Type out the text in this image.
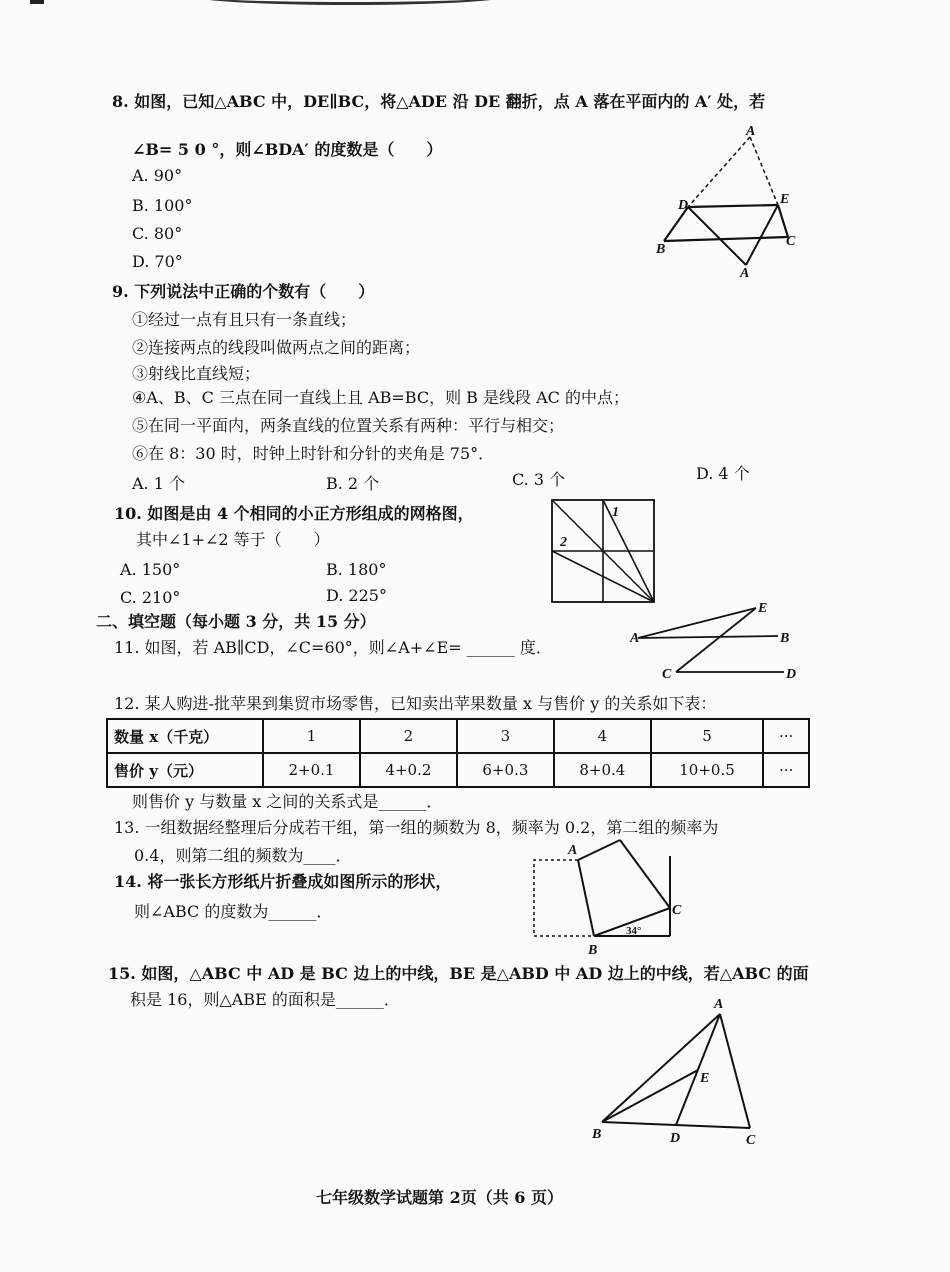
8. 如图，已知△ABC 中，DE∥BC，将△ADE 沿 DE 翻折，点 A 落在平面内的 A′ 处，若
∠B= 5 0 °，则∠BDA′ 的度数是（　　）
A. 90°
B. 100°
C. 80°
D. 70°
A
D	E
B
C
A
9. 下列说法中正确的个数有（　　）
①经过一点有且只有一条直线；
②连接两点的线段叫做两点之间的距离；
③射线比直线短；
④A、B、C 三点在同一直线上且 AB=BC，则 B 是线段 AC 的中点；
⑤在同一平面内，两条直线的位置关系有两种：平行与相交；
⑥在 8：30 时，时钟上时针和分针的夹角是 75°．
A. 1 个	B. 2 个	C. 3 个	D. 4 个
10. 如图是由 4 个相同的小正方形组成的网格图，
其中∠1+∠2 等于（　　）
A. 150°	B. 180°
C. 210°	D. 225°
1
2
二、填空题（每小题 3 分，共 15 分）
11. 如图，若 AB∥CD，∠C=60°，则∠A+∠E= ______ 度．
E
A	B
C	D
12. 某人购进-批苹果到集贸市场零售，已知卖出苹果数量 x 与售价 y 的关系如下表：
数量 x（千克）	1	2	3	4	5	···
售价 y（元）	2+0.1	4+0.2	6+0.3	8+0.4	10+0.5	···
则售价 y 与数量 x 之间的关系式是______．
13. 一组数据经整理后分成若干组，第一组的频数为 8，频率为 0.2，第二组的频率为
0.4，则第二组的频数为____．
14. 将一张长方形纸片折叠成如图所示的形状，
则∠ABC 的度数为______．
A
C
B
34°
15. 如图，△ABC 中 AD 是 BC 边上的中线，BE 是△ABD 中 AD 边上的中线，若△ABC 的面
积是 16，则△ABE 的面积是______．	A
E
B	D	C
七年级数学试题第 2页（共 6 页）
